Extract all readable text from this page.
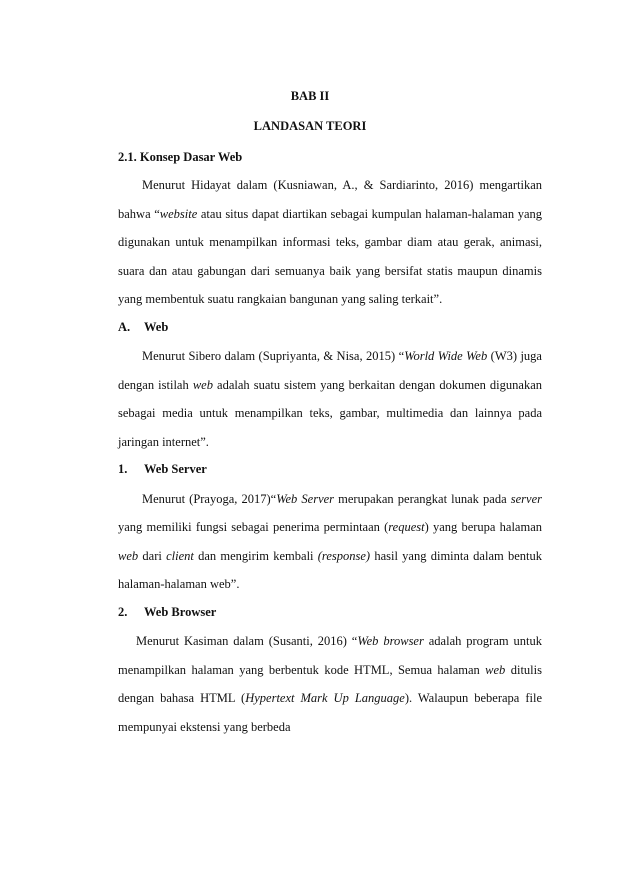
BAB II
LANDASAN TEORI
2.1. Konsep Dasar Web
Menurut Hidayat dalam (Kusniawan, A., & Sardiarinto, 2016) mengartikan
bahwa “website atau situs dapat diartikan sebagai kumpulan halaman-halaman yang
digunakan untuk menampilkan informasi teks, gambar diam atau gerak, animasi,
suara dan atau gabungan dari semuanya baik yang bersifat statis maupun dinamis
yang membentuk suatu rangkaian bangunan yang saling terkait”.
A. Web
Menurut Sibero dalam (Supriyanta, & Nisa, 2015) “World Wide Web (W3) juga
dengan istilah web adalah suatu sistem yang berkaitan dengan dokumen digunakan
sebagai media untuk menampilkan teks, gambar, multimedia dan lainnya pada
jaringan internet”.
1. Web Server
Menurut (Prayoga, 2017)“Web Server merupakan perangkat lunak pada server
yang memiliki fungsi sebagai penerima permintaan (request) yang berupa halaman
web dari client dan mengirim kembali (response) hasil yang diminta dalam bentuk
halaman-halaman web”.
2. Web Browser
Menurut Kasiman dalam (Susanti, 2016) “Web browser adalah program untuk
menampilkan halaman yang berbentuk kode HTML, Semua halaman web ditulis
dengan bahasa HTML (Hypertext Mark Up Language). Walaupun beberapa file
mempunyai ekstensi yang berbeda
